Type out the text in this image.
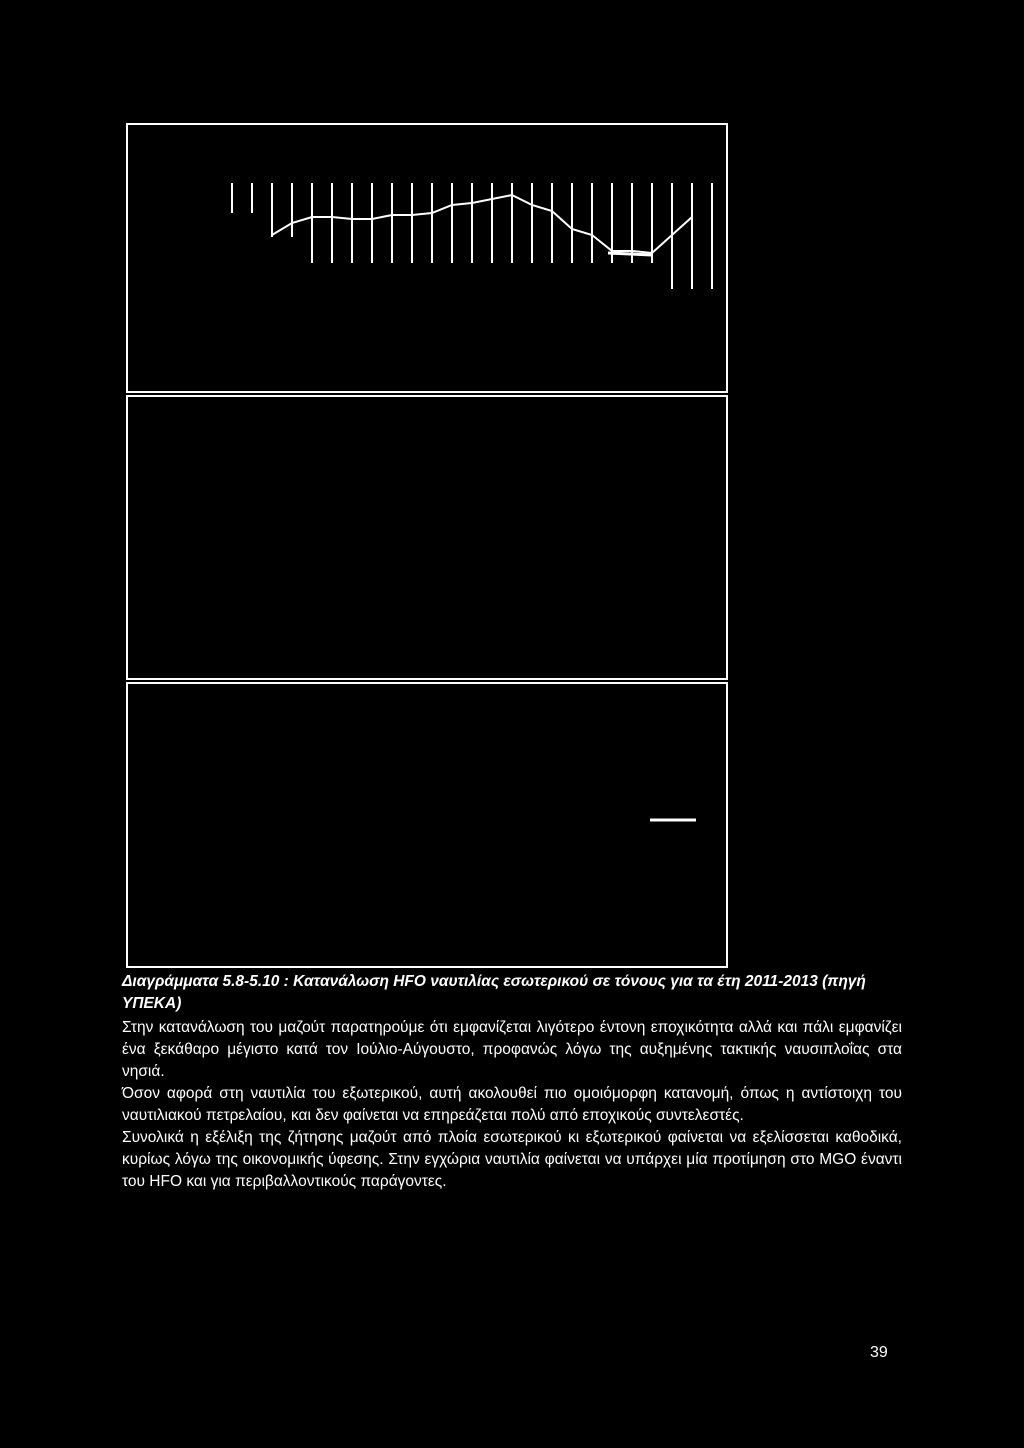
Διαγράμματα 5.8-5.10 : Κατανάλωση HFO ναυτιλίας εσωτερικού σε τόνους για τα έτη 2011-2013 (πηγή ΥΠΕΚΑ)

Στην κατανάλωση του μαζούτ παρατηρούμε ότι εμφανίζεται λιγότερο έντονη εποχικότητα αλλά και πάλι εμφανίζει ένα ξεκάθαρο μέγιστο κατά τον Ιούλιο-Αύγουστο, προφανώς λόγω της αυξημένης τακτικής ναυσιπλοΐας στα νησιά.

Όσον αφορά στη ναυτιλία του εξωτερικού, αυτή ακολουθεί πιο ομοιόμορφη κατανομή, όπως η αντίστοιχη του ναυτιλιακού πετρελαίου, και δεν φαίνεται να επηρεάζεται πολύ από εποχικούς συντελεστές.

Συνολικά η εξέλιξη της ζήτησης μαζούτ από πλοία εσωτερικού κι εξωτερικού φαίνεται να εξελίσσεται καθοδικά, κυρίως λόγω της οικονομικής ύφεσης. Στην εγχώρια ναυτιλία φαίνεται να υπάρχει μία προτίμηση στο MGO έναντι του HFO και για περιβαλλοντικούς παράγοντες.

39
